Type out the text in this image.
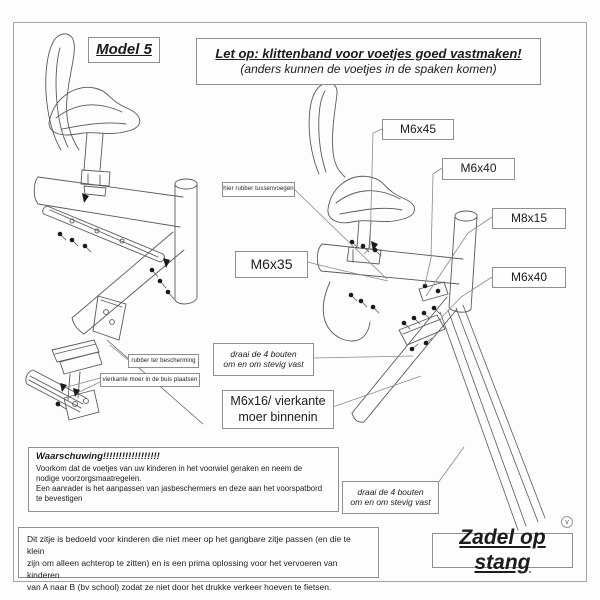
Model 5	Let op: klittenband voor voetjes goed vastmaken!
(anders kunnen de voetjes in de spaken komen)
M6x45
M6x40
M8x15
M6x40
M6x35
hier rubber tussenvoegen
rubber ter bescherming
vierkante moer in de buis plaatsen
draai de 4 bouten
om en om stevig vast
M6x16/ vierkante
moer binnenin
draai de 4 bouten
om en om stevig vast
Waarschuwing!!!!!!!!!!!!!!!!!!
Voorkom dat de voetjes van uw kinderen in het voorwiel geraken en neem de
nodige voorzorgsmaatregelen.
Een aanrader is het aanpassen van jasbeschermers en deze aan het voorspatbord
te bevestigen
Dit zitje is bedoeld voor kinderen die niet meer op het gangbare zitje passen (en die te klein
zijn om alleen achterop te zitten) en is een prima oplossing voor het vervoeren van kinderen
van A naar B (bv school) zodat ze niet door het drukke verkeer hoeven te fietsen.
Zadel op stang
v
